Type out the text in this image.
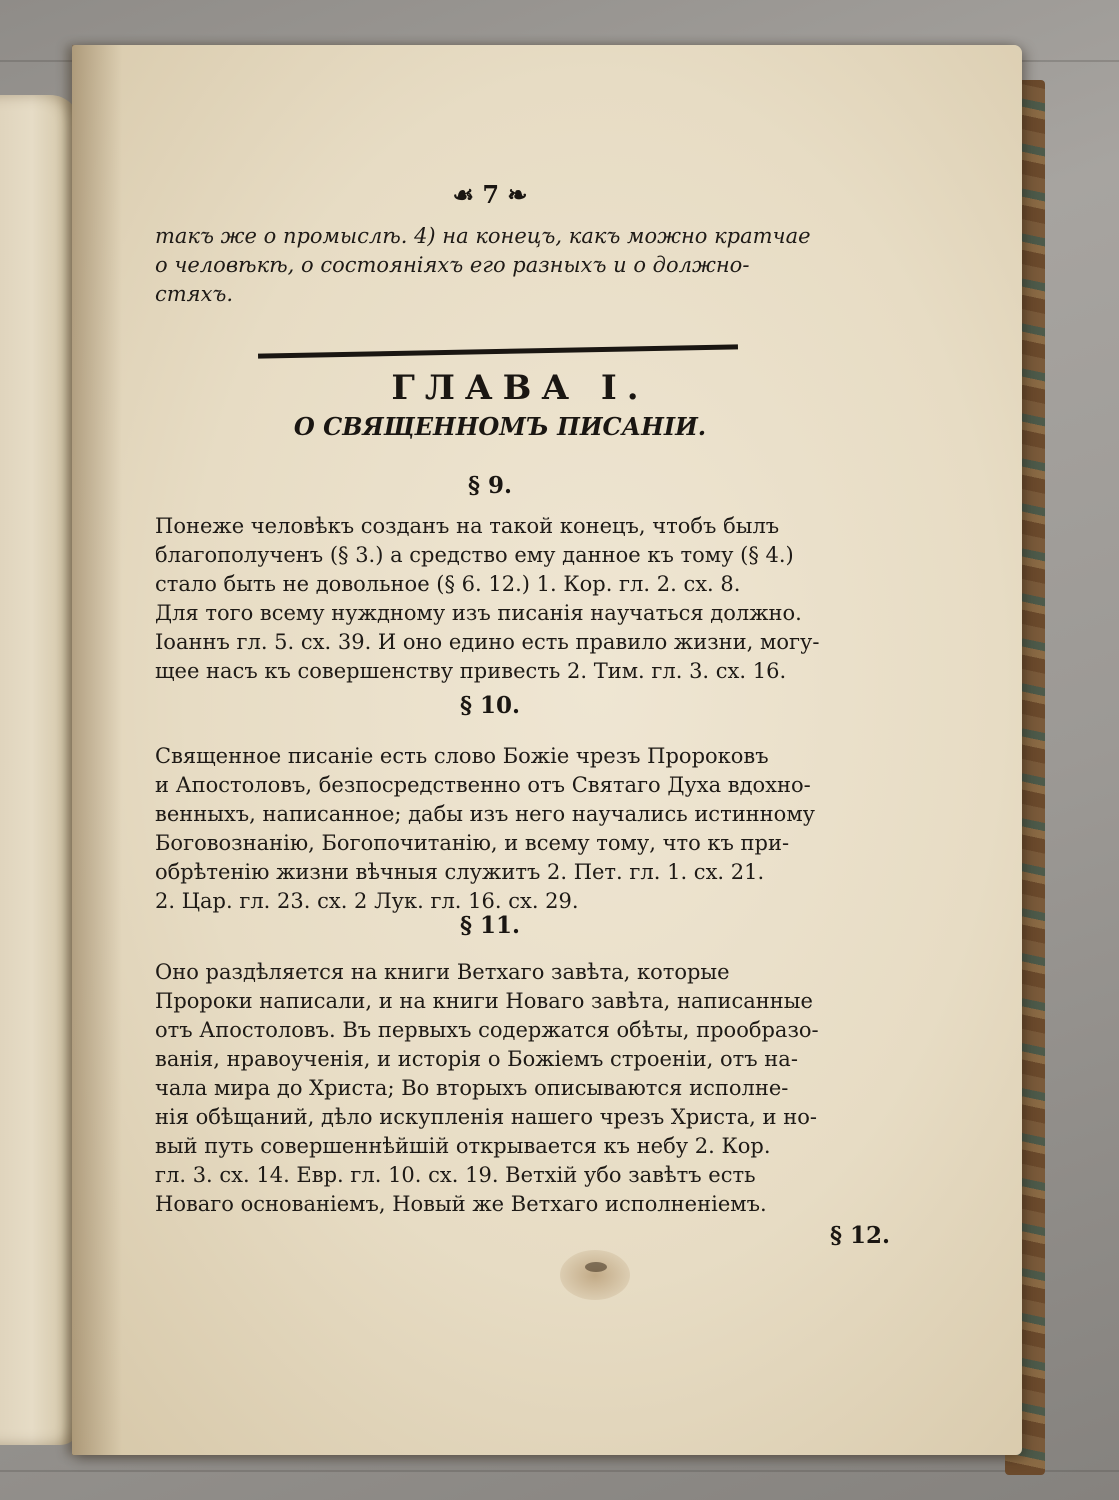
☙ 7 ❧
такъ же о промыслѣ. 4) на конецъ, какъ можно кратчае
о человѣкѣ, о состоянiяхъ его разныхъ и о должно-
стяхъ.
ГЛАВА I.
О СВЯЩЕННОМЪ ПИСАНIИ.
§ 9.
Понеже человѣкъ созданъ на такой конецъ, чтобъ былъ
благополученъ (§ 3.) а средство ему данное къ тому (§ 4.)
стало быть не довольное (§ 6. 12.) 1. Кор. гл. 2. сх. 8.
Для того всему нуждному изъ писанiя научаться должно.
Iоаннъ гл. 5. сх. 39. И оно едино есть правило жизни, могу-
щее насъ къ совершенству привесть 2. Тим. гл. 3. сх. 16.
§ 10.
Священное писанiе есть слово Божiе чрезъ Пророковъ
и Апостоловъ, безпосредственно отъ Святаго Духа вдохно-
венныхъ, написанное; дабы изъ него научались истинному
Боговознанiю, Богопочитанiю, и всему тому, что къ при-
обрѣтенiю жизни вѣчныя служитъ 2. Пет. гл. 1. сх. 21.
2. Цар. гл. 23. сх. 2 Лук. гл. 16. сх. 29.
§ 11.
Оно раздѣляется на книги Ветхаго завѣта, которые
Пророки написали, и на книги Новаго завѣта, написанные
отъ Апостоловъ. Въ первыхъ содержатся обѣты, прообразо-
ванiя, нравоученiя, и исторiя о Божiемъ строенiи, отъ на-
чала мира до Христа; Во вторыхъ описываются исполне-
нiя обѣщаний, дѣло искупленiя нашего чрезъ Христа, и но-
вый путь совершеннѣйшiй открывается къ небу 2. Кор.
гл. 3. сх. 14. Евр. гл. 10. сх. 19. Ветхiй убо завѣтъ есть
Новаго основанiемъ, Новый же Ветхаго исполненiемъ.
§ 12.
